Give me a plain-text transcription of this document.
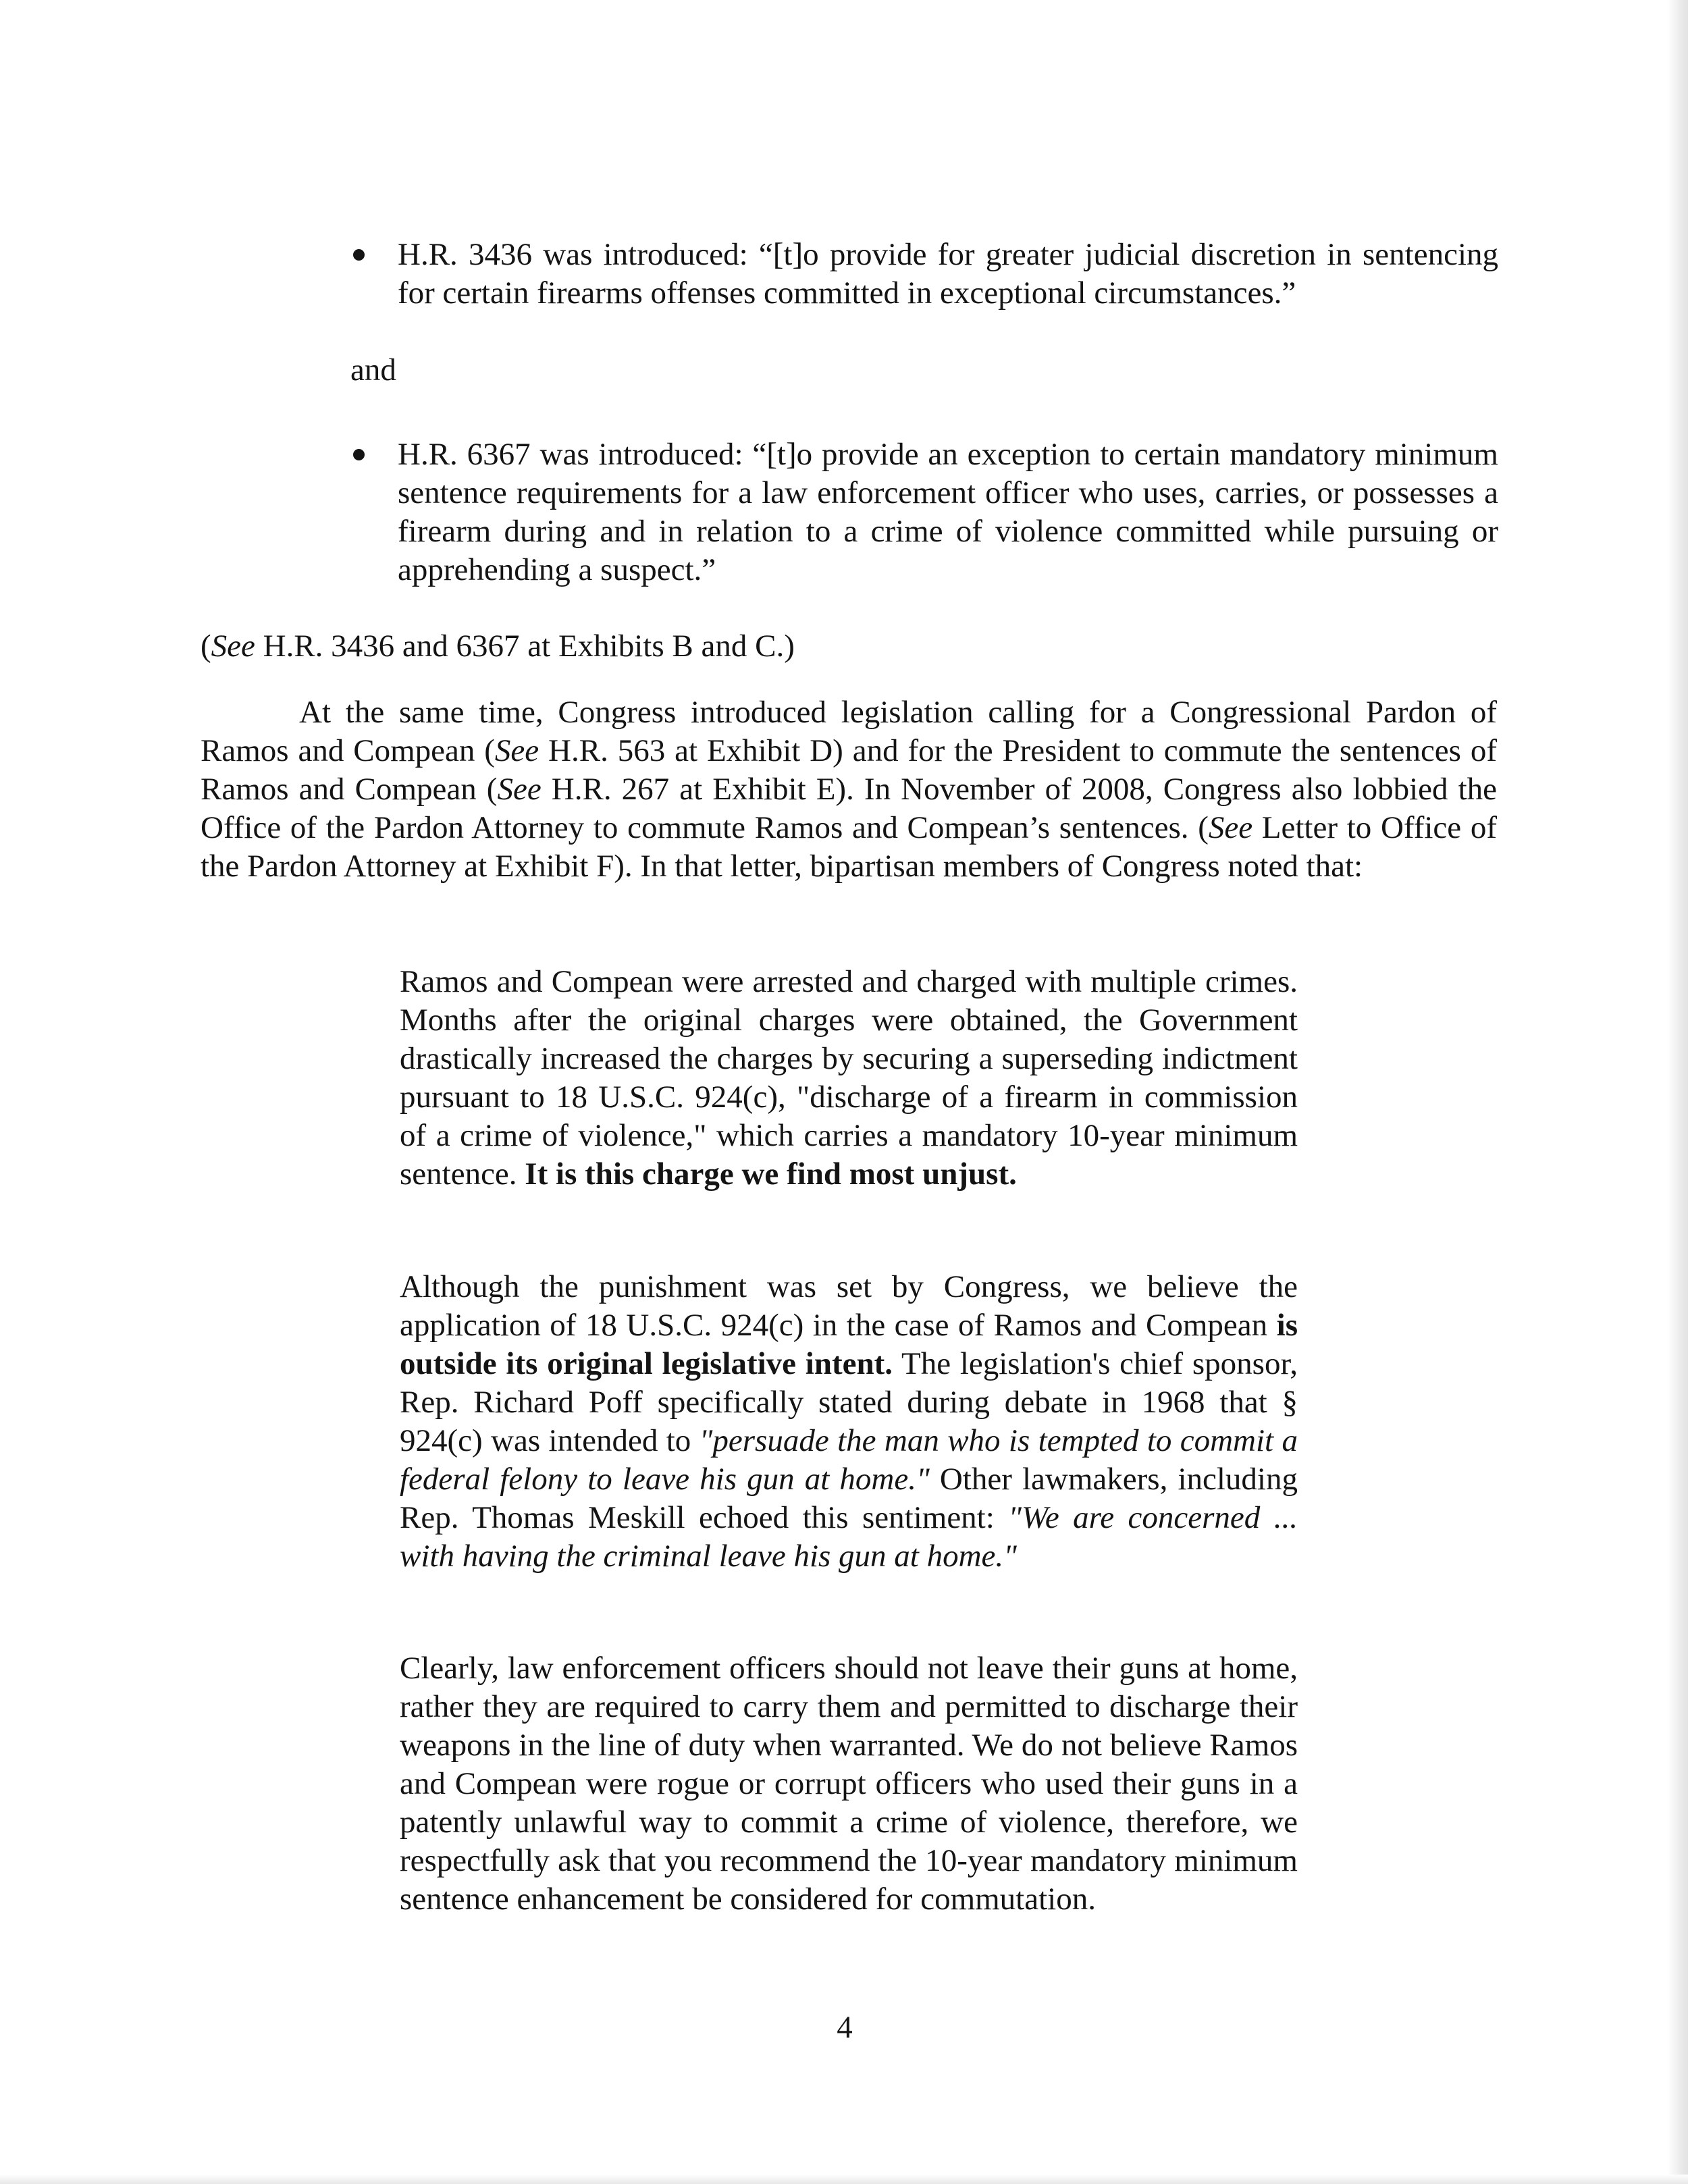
H.R. 3436 was introduced: “[t]o provide for greater judicial discretion in sentencing for certain firearms offenses committed in exceptional circumstances.”
and
H.R. 6367 was introduced: “[t]o provide an exception to certain mandatory minimum sentence requirements for a law enforcement officer who uses, carries, or possesses a firearm during and in relation to a crime of violence committed while pursuing or apprehending a suspect.”
(See H.R. 3436 and 6367 at Exhibits B and C.)
At the same time, Congress introduced legislation calling for a Congressional Pardon of Ramos and Compean (See H.R. 563 at Exhibit D) and for the President to commute the sentences of Ramos and Compean (See H.R. 267 at Exhibit E). In November of 2008, Congress also lobbied the Office of the Pardon Attorney to commute Ramos and Compean’s sentences. (See Letter to Office of the Pardon Attorney at Exhibit F). In that letter, bipartisan members of Congress noted that:
Ramos and Compean were arrested and charged with multiple crimes. Months after the original charges were obtained, the Government drastically increased the charges by securing a superseding indictment pursuant to 18 U.S.C. 924(c), "discharge of a firearm in commission of a crime of violence," which carries a mandatory 10-year minimum sentence. It is this charge we find most unjust.
Although the punishment was set by Congress, we believe the application of 18 U.S.C. 924(c) in the case of Ramos and Compean is outside its original legislative intent. The legislation's chief sponsor, Rep. Richard Poff specifically stated during debate in 1968 that § 924(c) was intended to "persuade the man who is tempted to commit a federal felony to leave his gun at home." Other lawmakers, including Rep. Thomas Meskill echoed this sentiment: "We are concerned ... with having the criminal leave his gun at home."
Clearly, law enforcement officers should not leave their guns at home, rather they are required to carry them and permitted to discharge their weapons in the line of duty when warranted. We do not believe Ramos and Compean were rogue or corrupt officers who used their guns in a patently unlawful way to commit a crime of violence, therefore, we respectfully ask that you recommend the 10-year mandatory minimum sentence enhancement be considered for commutation.
4
